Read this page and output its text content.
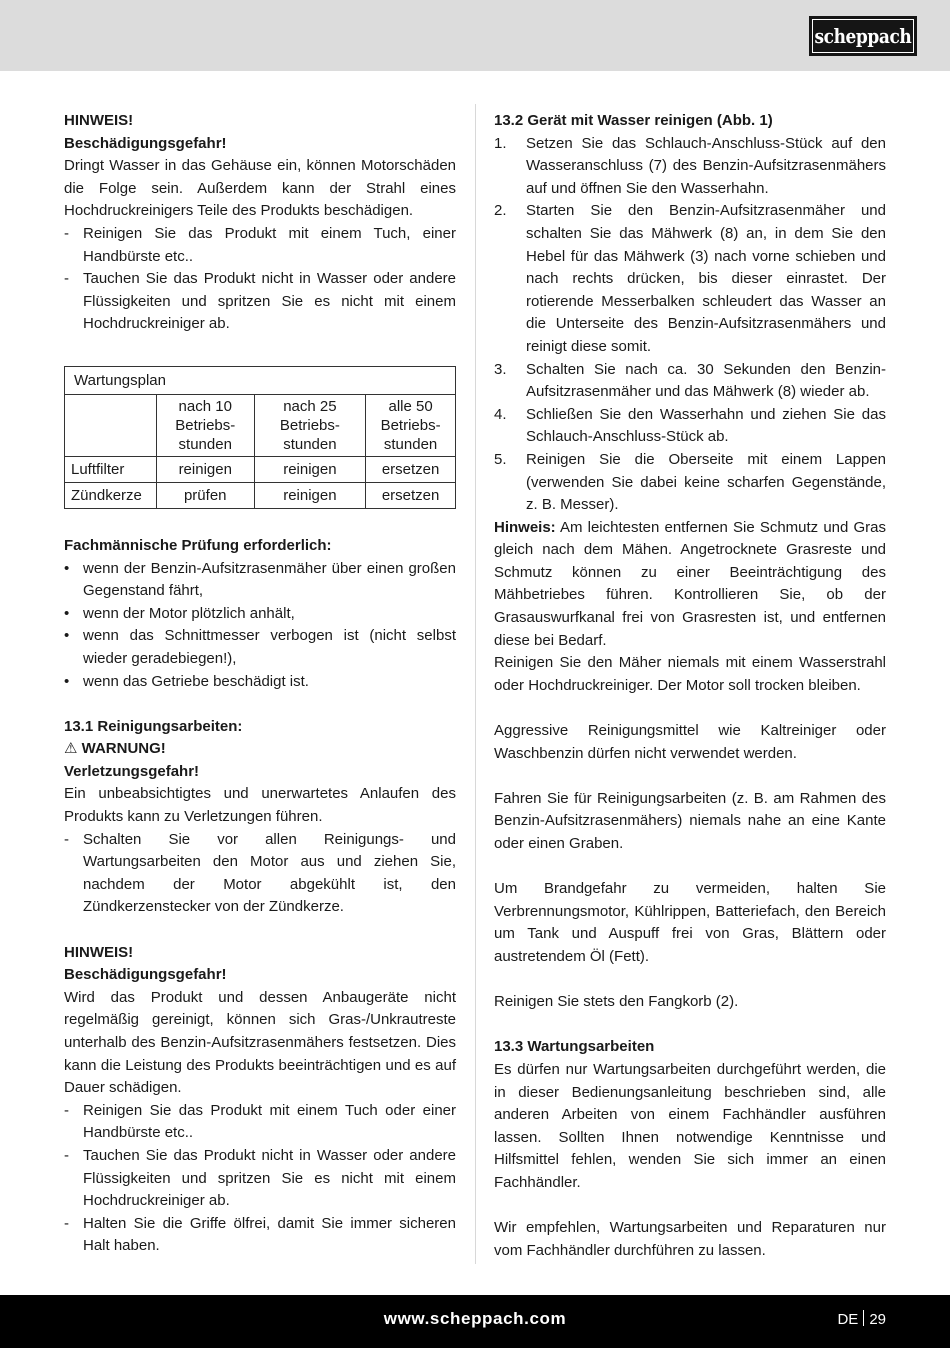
scheppach
HINWEIS!
Beschädigungsgefahr!

Dringt Wasser in das Gehäuse ein, können Motorschäden die Folge sein. Außerdem kann der Strahl eines Hochdruckreinigers Teile des Produkts beschädigen.

- Reinigen Sie das Produkt mit einem Tuch, einer Handbürste etc..
- Tauchen Sie das Produkt nicht in Wasser oder andere Flüssigkeiten und spritzen Sie es nicht mit einem Hochdruckreiniger ab.
Wartungsplan			
	nach 10 Betriebs-stunden	nach 25 Betriebs-stunden	alle 50 Betriebs-stunden
Luftfilter	reinigen	reinigen	ersetzen
Zündkerze	prüfen	reinigen	ersetzen
Fachmännische Prüfung erforderlich:
• wenn der Benzin-Aufsitzrasenmäher über einen großen Gegenstand fährt,
• wenn der Motor plötzlich anhält,
• wenn das Schnittmesser verbogen ist (nicht selbst wieder geradebiegen!),
• wenn das Getriebe beschädigt ist.
13.1 Reinigungsarbeiten:
⚠ WARNUNG!
Verletzungsgefahr!

Ein unbeabsichtigtes und unerwartetes Anlaufen des Produkts kann zu Verletzungen führen.

- Schalten Sie vor allen Reinigungs- und Wartungsarbeiten den Motor aus und ziehen Sie, nachdem der Motor abgekühlt ist, den Zündkerzenstecker von der Zündkerze.
HINWEIS!
Beschädigungsgefahr!

Wird das Produkt und dessen Anbaugeräte nicht regelmäßig gereinigt, können sich Gras-/Unkrautreste unterhalb des Benzin-Aufsitzrasenmähers festsetzen. Dies kann die Leistung des Produkts beeinträchtigen und es auf Dauer schädigen.

- Reinigen Sie das Produkt mit einem Tuch oder einer Handbürste etc..
- Tauchen Sie das Produkt nicht in Wasser oder andere Flüssigkeiten und spritzen Sie es nicht mit einem Hochdruckreiniger ab.
- Halten Sie die Griffe ölfrei, damit Sie immer sicheren Halt haben.
13.2 Gerät mit Wasser reinigen (Abb. 1)
1. Setzen Sie das Schlauch-Anschluss-Stück auf den Wasseranschluss (7) des Benzin-Aufsitzrasenmähers auf und öffnen Sie den Wasserhahn.
2. Starten Sie den Benzin-Aufsitzrasenmäher und schalten Sie das Mähwerk (8) an, in dem Sie den Hebel für das Mähwerk (3) nach vorne schieben und nach rechts drücken, bis dieser einrastet. Der rotierende Messerbalken schleudert das Wasser an die Unterseite des Benzin-Aufsitzrasenmähers und reinigt diese somit.
3. Schalten Sie nach ca. 30 Sekunden den Benzin-Aufsitzrasenmäher und das Mähwerk (8) wieder ab.
4. Schließen Sie den Wasserhahn und ziehen Sie das Schlauch-Anschluss-Stück ab.
5. Reinigen Sie die Oberseite mit einem Lappen (verwenden Sie dabei keine scharfen Gegenstände, z. B. Messer).

Hinweis: Am leichtesten entfernen Sie Schmutz und Gras gleich nach dem Mähen. Angetrocknete Grasreste und Schmutz können zu einer Beeinträchtigung des Mähbetriebes führen. Kontrollieren Sie, ob der Grasauswurfkanal frei von Grasresten ist, und entfernen diese bei Bedarf.

Reinigen Sie den Mäher niemals mit einem Wasserstrahl oder Hochdruckreiniger. Der Motor soll trocken bleiben.

Aggressive Reinigungsmittel wie Kaltreiniger oder Waschbenzin dürfen nicht verwendet werden.

Fahren Sie für Reinigungsarbeiten (z. B. am Rahmen des Benzin-Aufsitzrasenmähers) niemals nahe an eine Kante oder einen Graben.

Um Brandgefahr zu vermeiden, halten Sie Verbrennungsmotor, Kühlrippen, Batteriefach, den Bereich um Tank und Auspuff frei von Gras, Blättern oder austretendem Öl (Fett).

Reinigen Sie stets den Fangkorb (2).

13.3 Wartungsarbeiten

Es dürfen nur Wartungsarbeiten durchgeführt werden, die in dieser Bedienungsanleitung beschrieben sind, alle anderen Arbeiten von einem Fachhändler ausführen lassen. Sollten Ihnen notwendige Kenntnisse und Hilfsmittel fehlen, wenden Sie sich immer an einen Fachhändler.

Wir empfehlen, Wartungsarbeiten und Reparaturen nur vom Fachhändler durchführen zu lassen.

www.scheppach.com	DE 29
